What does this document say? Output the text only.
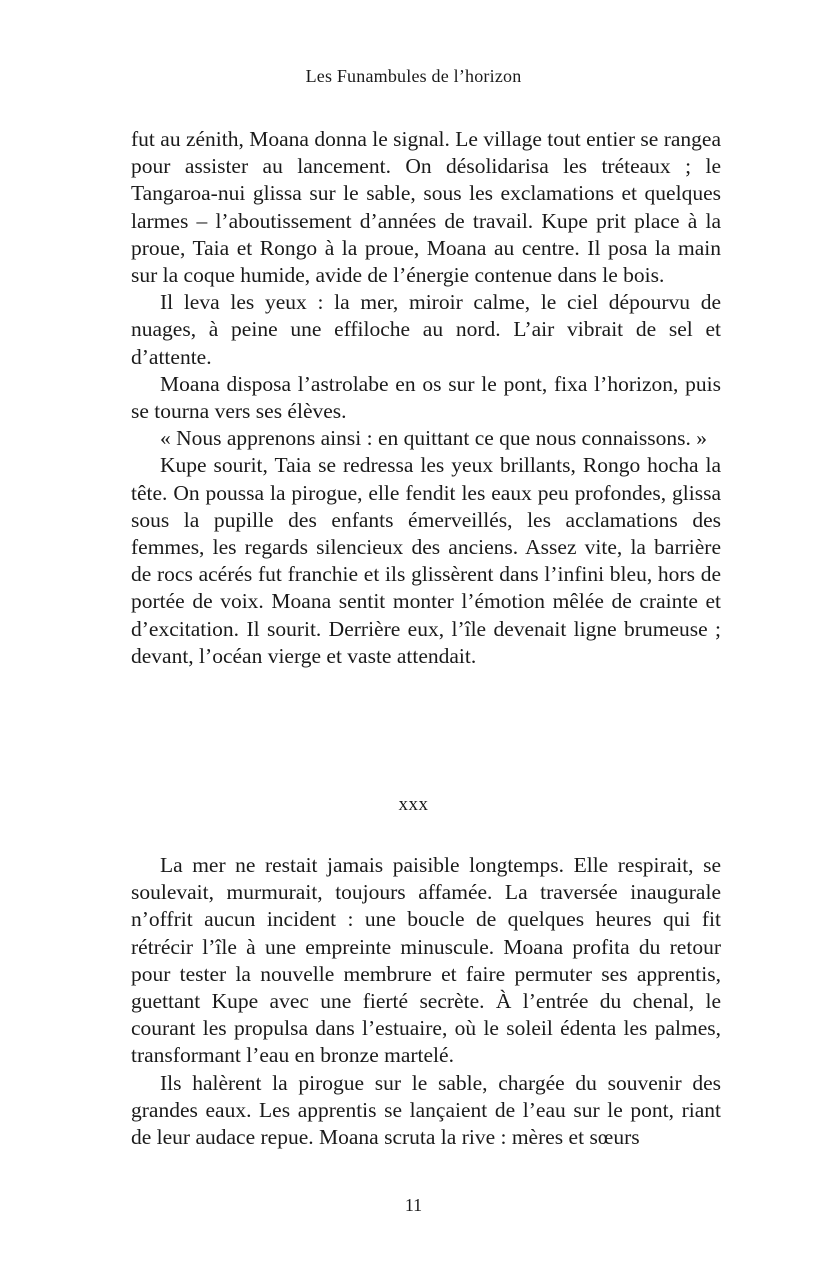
Les Funambules de l’horizon

fut au zénith, Moana donna le signal. Le village tout entier se rangea pour assister au lancement. On désolidarisa les tréteaux ; le Tangaroa-nui glissa sur le sable, sous les exclamations et quelques larmes – l’aboutissement d’années de travail. Kupe prit place à la proue, Taia et Rongo à la proue, Moana au centre. Il posa la main sur la coque humide, avide de l’énergie contenue dans le bois.

Il leva les yeux : la mer, miroir calme, le ciel dépourvu de nuages, à peine une effiloche au nord. L’air vibrait de sel et d’attente.

Moana disposa l’astrolabe en os sur le pont, fixa l’horizon, puis se tourna vers ses élèves.

« Nous apprenons ainsi : en quittant ce que nous connaissons. »

Kupe sourit, Taia se redressa les yeux brillants, Rongo hocha la tête. On poussa la pirogue, elle fendit les eaux peu profondes, glissa sous la pupille des enfants émerveillés, les acclamations des femmes, les regards silencieux des anciens. Assez vite, la barrière de rocs acérés fut franchie et ils glissèrent dans l’infini bleu, hors de portée de voix. Moana sentit monter l’émotion mêlée de crainte et d’excitation. Il sourit. Derrière eux, l’île devenait ligne brumeuse ; devant, l’océan vierge et vaste attendait.

xxx

La mer ne restait jamais paisible longtemps. Elle respirait, se soulevait, murmurait, toujours affamée. La traversée inaugurale n’offrit aucun incident : une boucle de quelques heures qui fit rétrécir l’île à une empreinte minuscule. Moana profita du retour pour tester la nouvelle membrure et faire permuter ses apprentis, guettant Kupe avec une fierté secrète. À l’entrée du chenal, le courant les propulsa dans l’estuaire, où le soleil édenta les palmes, transformant l’eau en bronze martelé.

Ils halèrent la pirogue sur le sable, chargée du souvenir des grandes eaux. Les apprentis se lançaient de l’eau sur le pont, riant de leur audace repue. Moana scruta la rive : mères et sœurs

11
